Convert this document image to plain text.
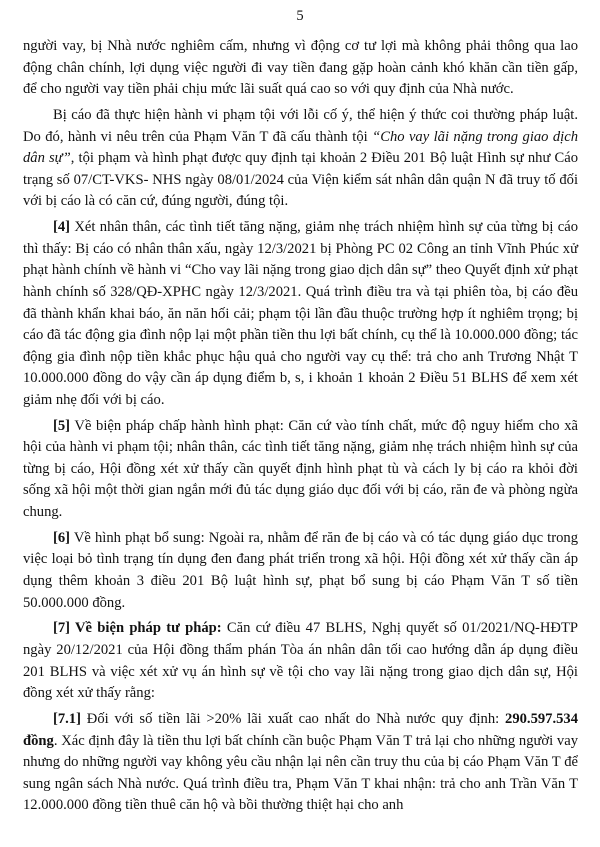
5

người vay, bị Nhà nước nghiêm cấm, nhưng vì động cơ tư lợi mà không phải thông qua lao động chân chính, lợi dụng việc người đi vay tiền đang gặp hoàn cảnh khó khăn cần tiền gấp, để cho người vay tiền phải chịu mức lãi suất quá cao so với quy định của Nhà nước.

Bị cáo đã thực hiện hành vi phạm tội với lỗi cố ý, thể hiện ý thức coi thường pháp luật. Do đó, hành vi nêu trên của Phạm Văn T đã cấu thành tội “Cho vay lãi nặng trong giao dịch dân sự”, tội phạm và hình phạt được quy định tại khoản 2 Điều 201 Bộ luật Hình sự như Cáo trạng số 07/CT-VKS- NHS ngày 08/01/2024 của Viện kiểm sát nhân dân quận N đã truy tố đối với bị cáo là có căn cứ, đúng người, đúng tội.

[4] Xét nhân thân, các tình tiết tăng nặng, giảm nhẹ trách nhiệm hình sự của từng bị cáo thì thấy: Bị cáo có nhân thân xấu, ngày 12/3/2021 bị Phòng PC 02 Công an tỉnh Vĩnh Phúc xử phạt hành chính về hành vi “Cho vay lãi nặng trong giao dịch dân sự” theo Quyết định xử phạt hành chính số 328/QĐ-XPHC ngày 12/3/2021. Quá trình điều tra và tại phiên tòa, bị cáo đều đã thành khẩn khai báo, ăn năn hối cải; phạm tội lần đầu thuộc trường hợp ít nghiêm trọng; bị cáo đã tác động gia đình nộp lại một phần tiền thu lợi bất chính, cụ thể là 10.000.000 đồng; tác động gia đình nộp tiền khắc phục hậu quả cho người vay cụ thể: trả cho anh Trương Nhật T 10.000.000 đồng do vậy cần áp dụng điểm b, s, i khoản 1 khoản 2 Điều 51 BLHS để xem xét giảm nhẹ đối với bị cáo.

[5] Về biện pháp chấp hành hình phạt: Căn cứ vào tính chất, mức độ nguy hiểm cho xã hội của hành vi phạm tội; nhân thân, các tình tiết tăng nặng, giảm nhẹ trách nhiệm hình sự của từng bị cáo, Hội đồng xét xử thấy cần quyết định hình phạt tù và cách ly bị cáo ra khỏi đời sống xã hội một thời gian ngắn mới đủ tác dụng giáo dục đối với bị cáo, răn đe và phòng ngừa chung.

[6] Về hình phạt bổ sung: Ngoài ra, nhằm để răn đe bị cáo và có tác dụng giáo dục trong việc loại bỏ tình trạng tín dụng đen đang phát triển trong xã hội. Hội đồng xét xử thấy cần áp dụng thêm khoản 3 điều 201 Bộ luật hình sự, phạt bổ sung bị cáo Phạm Văn T số tiền 50.000.000 đồng.

[7] Về biện pháp tư pháp: Căn cứ điều 47 BLHS, Nghị quyết số 01/2021/NQ-HĐTP ngày 20/12/2021 của Hội đồng thẩm phán Tòa án nhân dân tối cao hướng dẫn áp dụng điều 201 BLHS và việc xét xử vụ án hình sự về tội cho vay lãi nặng trong giao dịch dân sự, Hội đồng xét xử thấy rằng:

[7.1] Đối với số tiền lãi >20% lãi xuất cao nhất do Nhà nước quy định: 290.597.534 đồng. Xác định đây là tiền thu lợi bất chính cần buộc Phạm Văn T trả lại cho những người vay nhưng do những người vay không yêu cầu nhận lại nên cần truy thu của bị cáo Phạm Văn T để sung ngân sách Nhà nước. Quá trình điều tra, Phạm Văn T khai nhận: trả cho anh Trần Văn T 12.000.000 đồng tiền thuê căn hộ và bồi thường thiệt hại cho anh
